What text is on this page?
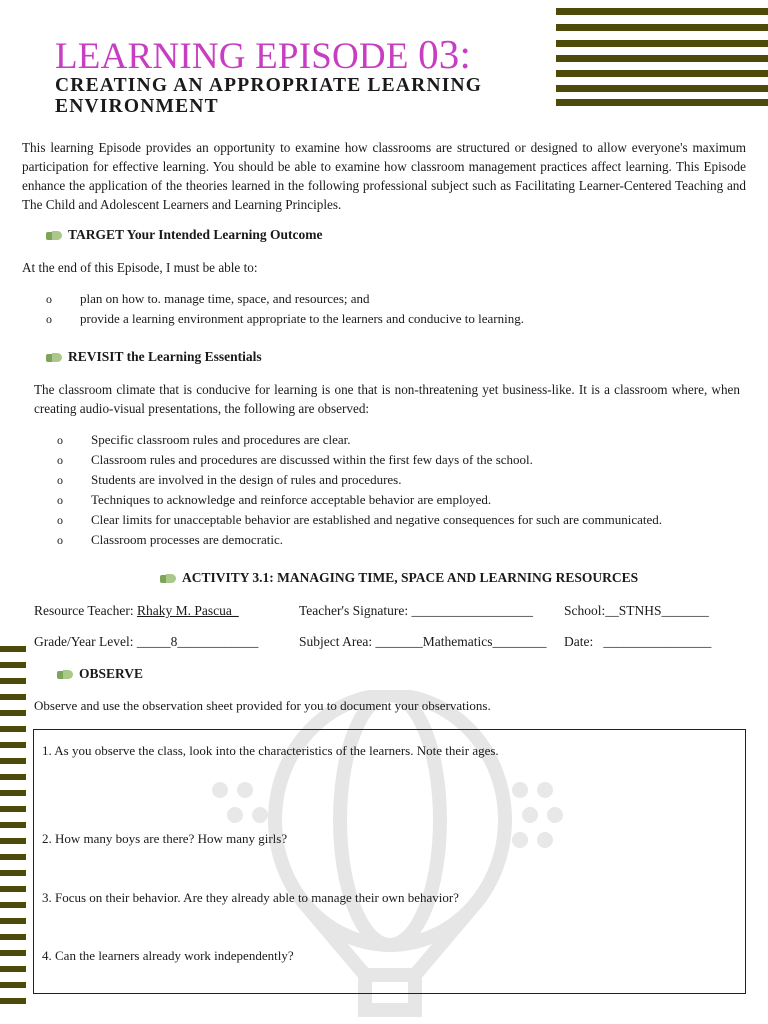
LEARNING EPISODE 03:
CREATING AN APPROPRIATE LEARNING ENVIRONMENT
This learning Episode provides an opportunity to examine how classrooms are structured or designed to allow everyone's maximum participation for effective learning. You should be able to examine how classroom management practices affect learning. This Episode enhance the application of the theories learned in the following professional subject such as Facilitating Learner-Centered Teaching and The Child and Adolescent Learners and Learning Principles.
TARGET Your Intended Learning Outcome
At the end of this Episode, I must be able to:
o plan on how to. manage time, space, and resources; and
o provide a learning environment appropriate to the learners and conducive to learning.
REVISIT the Learning Essentials
The classroom climate that is conducive for learning is one that is non-threatening yet business-like. It is a classroom where, when creating audio-visual presentations, the following are observed:
o Specific classroom rules and procedures are clear.
o Classroom rules and procedures are discussed within the first few days of the school.
o Students are involved in the design of rules and procedures.
o Techniques to acknowledge and reinforce acceptable behavior are employed.
o Clear limits for unacceptable behavior are established and negative consequences for such are communicated.
o Classroom processes are democratic.
ACTIVITY 3.1: MANAGING TIME, SPACE AND LEARNING RESOURCES
Resource Teacher: Rhaky M. Pascua_	Teacher's Signature: __________________ School:__STNHS_______
Grade/Year Level: _____8____________	Subject Area: _______Mathematics________ Date: ________________
OBSERVE
Observe and use the observation sheet provided for you to document your observations.
1. As you observe the class, look into the characteristics of the learners. Note their ages.
2. How many boys are there? How many girls?
3. Focus on their behavior. Are they already able to manage their own behavior?
4. Can the learners already work independently?
